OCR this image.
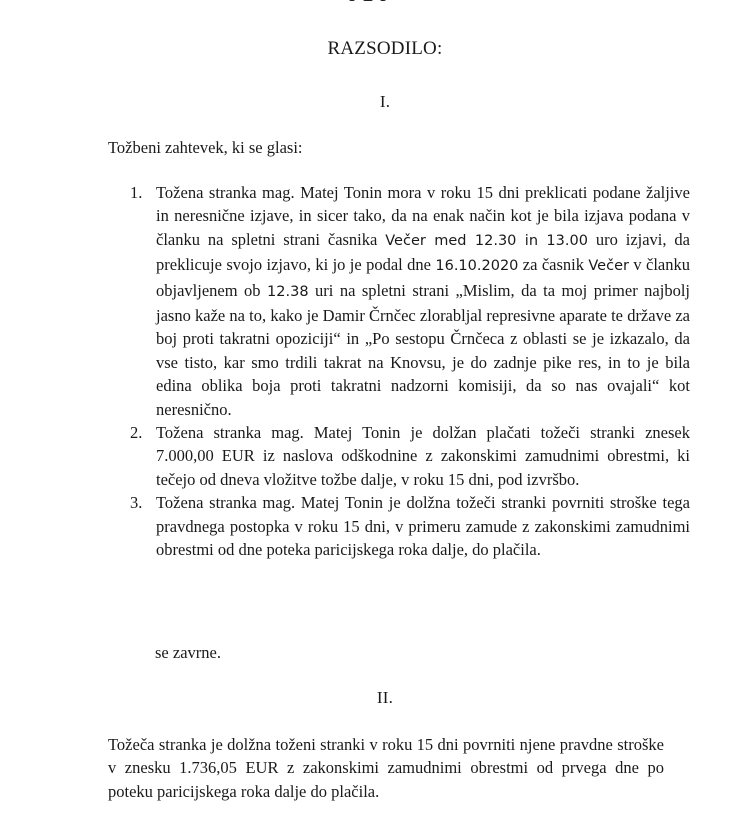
RAZSODILO:
I.

Tožbeni zahtevek, ki se glasi:

1. Tožena stranka mag. Matej Tonin mora v roku 15 dni preklicati podane žaljive in neresnične izjave, in sicer tako, da na enak način kot je bila izjava podana v članku na spletni strani časnika Večer med 12.30 in 13.00 uro izjavi, da preklicuje svojo izjavo, ki jo je podal dne 16.10.2020 za časnik Večer v članku objavljenem ob 12.38 uri na spletni strani „Mislim, da ta moj primer najbolj jasno kaže na to, kako je Damir Črnčec zlorabljal represivne aparate te države za boj proti takratni opoziciji“ in „Po sestopu Črnčeca z oblasti se je izkazalo, da vse tisto, kar smo trdili takrat na Knovsu, je do zadnje pike res, in to je bila edina oblika boja proti takratni nadzorni komisiji, da so nas ovajali“ kot neresnično.
2. Tožena stranka mag. Matej Tonin je dolžan plačati tožeči stranki znesek 7.000,00 EUR iz naslova odškodnine z zakonskimi zamudnimi obrestmi, ki tečejo od dneva vložitve tožbe dalje, v roku 15 dni, pod izvršbo.
3. Tožena stranka mag. Matej Tonin je dolžna tožeči stranki povrniti stroške tega pravdnega postopka v roku 15 dni, v primeru zamude z zakonskimi zamudnimi obrestmi od dne poteka paricijskega roka dalje, do plačila.

se zavrne.

II.

Tožeča stranka je dolžna toženi stranki v roku 15 dni povrniti njene pravdne stroške v znesku 1.736,05 EUR z zakonskimi zamudnimi obrestmi od prvega dne po poteku paricijskega roka dalje do plačila.
